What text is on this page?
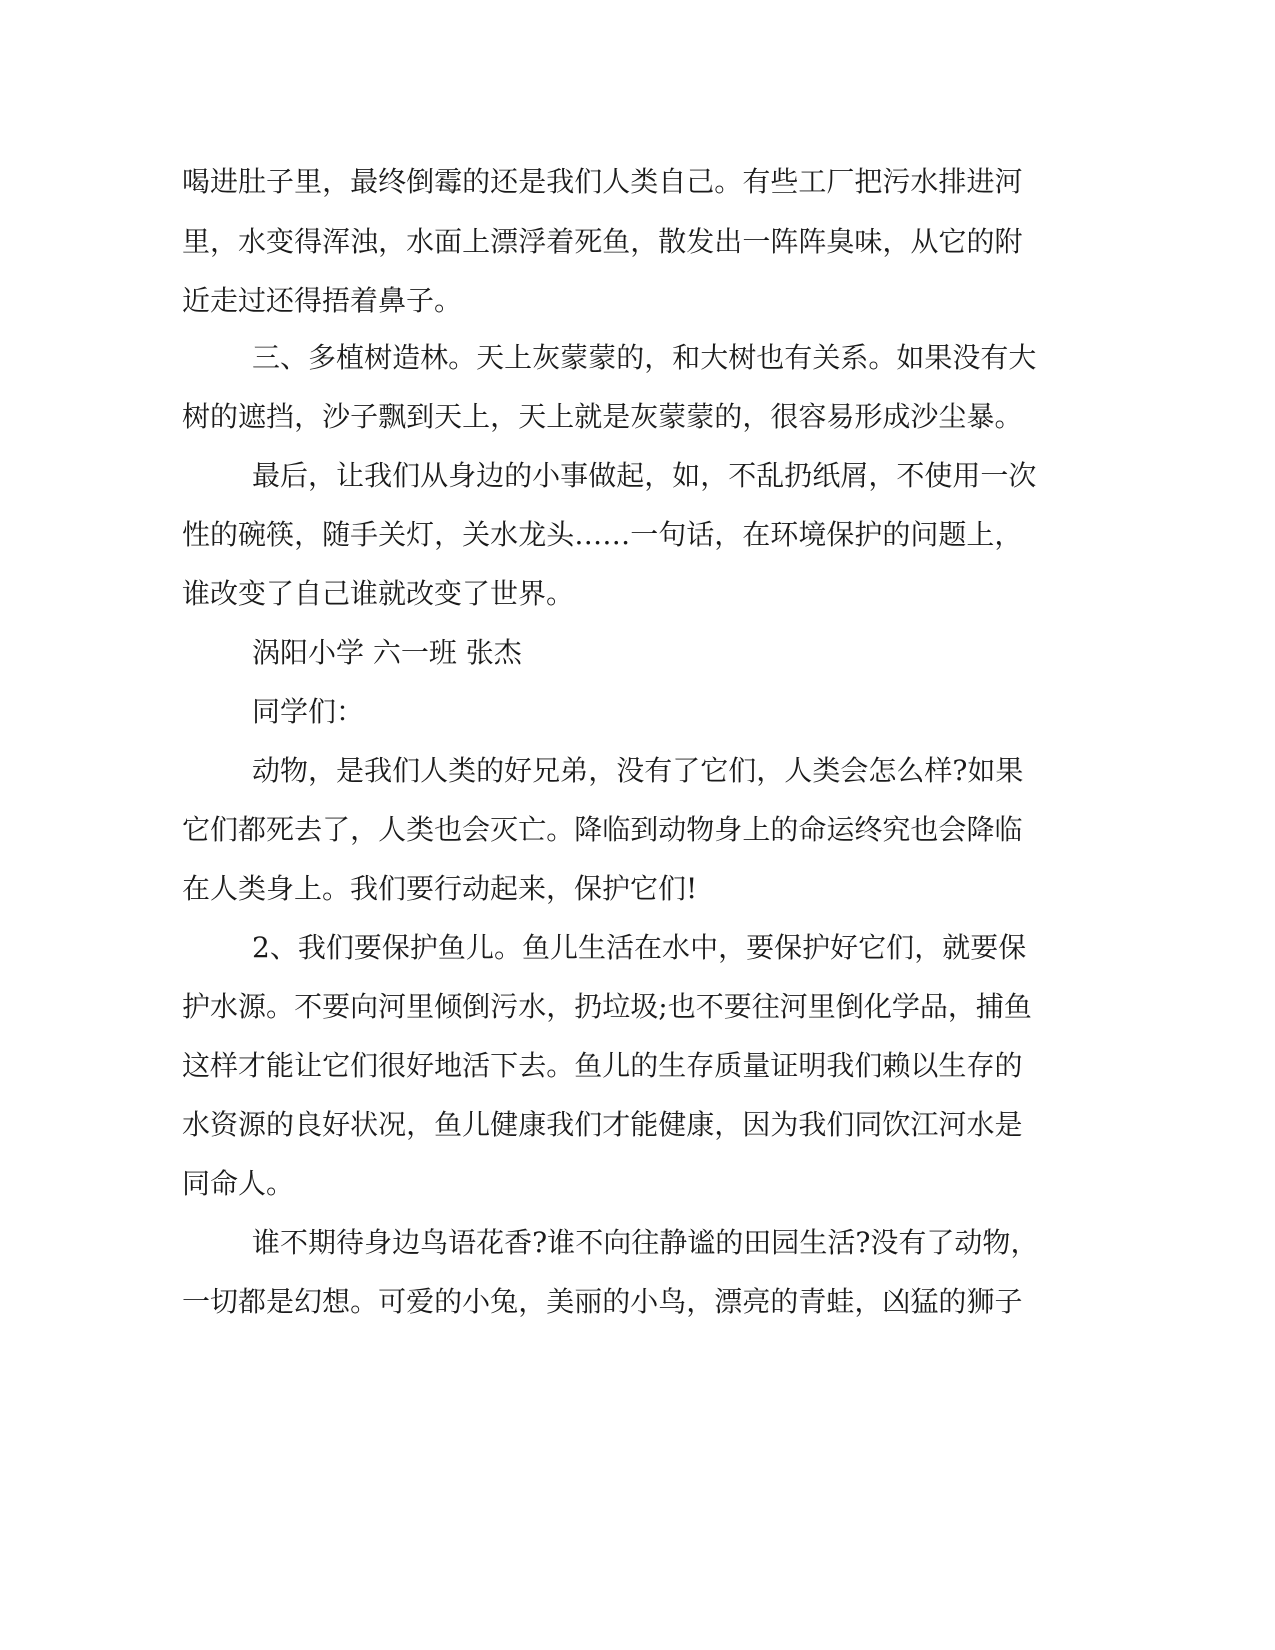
喝 进 肚 子 里 ， 最 终 倒 霉 的 还 是 我 们 人 类 自 己 。 有 些 工 厂 把 污 水 排 进 河

里 ， 水 变 得 浑 浊 ， 水 面 上 漂 浮 着 死 鱼 ， 散 发 出 一 阵 阵 臭 味 ， 从 它 的 附

近走过还得捂着鼻子。

三 、 多 植 树 造 林 。 天 上 灰 蒙 蒙 的 ， 和 大 树 也 有 关 系 。 如 果 没 有 大

树 的 遮 挡 ， 沙 子 飘 到 天 上 ， 天 上 就 是 灰 蒙 蒙 的 ， 很 容 易 形 成 沙 尘 暴 。

最 后 ， 让 我 们 从 身 边 的 小 事 做 起 ， 如 ， 不 乱 扔 纸 屑 ， 不 使 用 一 次

性 的 碗 筷 ， 随 手 关 灯 ， 关 水 龙 头 … … 一 句 话 ， 在 环 境 保 护 的 问 题 上 ，

谁改变了自己谁就改变了世界。

涡阳小学 六一班 张杰

同学们：

动 物 ， 是 我 们 人 类 的 好 兄 弟 ， 没 有 了 它 们 ， 人 类 会 怎 么 样 ? 如 果

它 们 都 死 去 了 ， 人 类 也 会 灭 亡 。 降 临 到 动 物 身 上 的 命 运 终 究 也 会 降 临

在人类身上。我们要行动起来，保护它们!

2 、 我 们 要 保 护 鱼 儿 。 鱼 儿 生 活 在 水 中 ， 要 保 护 好 它 们 ， 就 要 保

护 水 源 。 不 要 向 河 里 倾 倒 污 水 ， 扔 垃 圾 ; 也 不 要 往 河 里 倒 化 学 品 ， 捕 鱼

这 样 才 能 让 它 们 很 好 地 活 下 去 。 鱼 儿 的 生 存 质 量 证 明 我 们 赖 以 生 存 的

水 资 源 的 良 好 状 况 ， 鱼 儿 健 康 我 们 才 能 健 康 ， 因 为 我 们 同 饮 江 河 水 是

同命人。

谁 不 期 待 身 边 鸟 语 花 香 ? 谁 不 向 往 静 谧 的 田 园 生 活 ? 没 有 了 动 物 ，

一 切 都 是 幻 想 。 可 爱 的 小 兔 ， 美 丽 的 小 鸟 ， 漂 亮 的 青 蛙 ， 凶 猛 的 狮 子
